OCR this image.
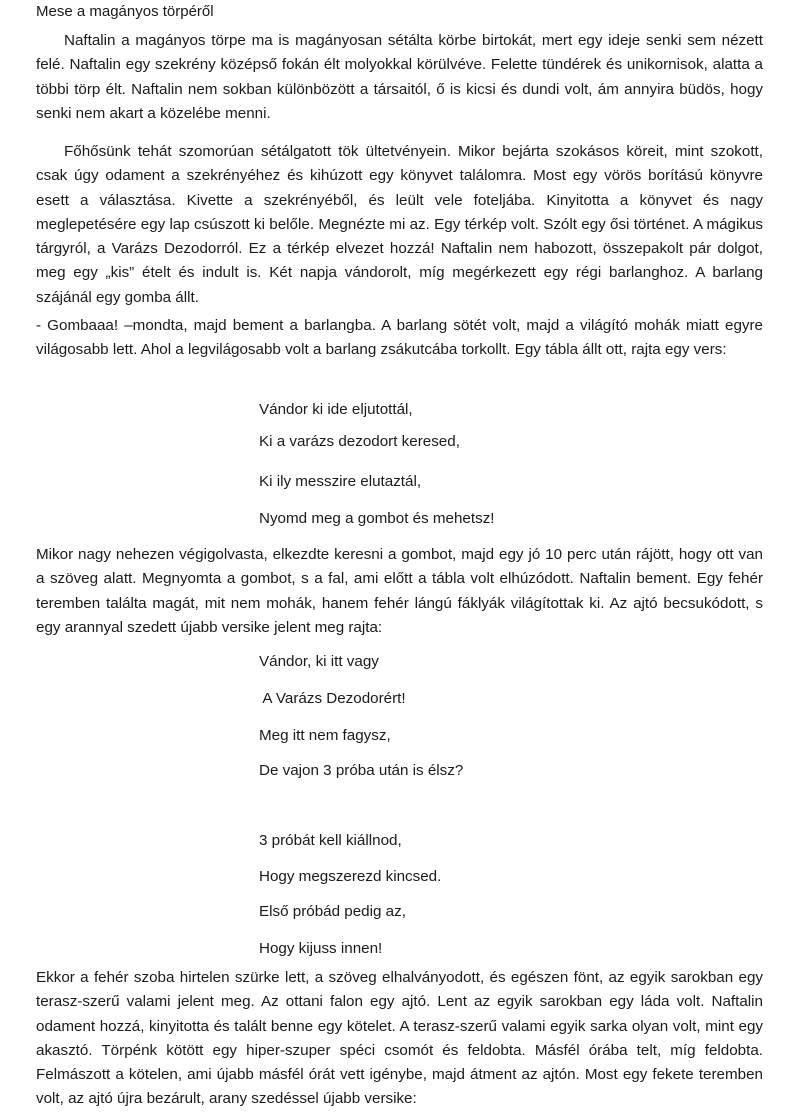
Mese a magányos törpéről

Naftalin a magányos törpe ma is magányosan sétálta körbe birtokát, mert egy ideje senki sem nézett felé. Naftalin egy szekrény középső fokán élt molyokkal körülvéve. Felette tündérek és unikornisok, alatta a többi törp élt. Naftalin nem sokban különbözött a társaitól, ő is kicsi és dundi volt, ám annyira büdös, hogy senki nem akart a közelébe menni.

Főhősünk tehát szomorúan sétálgatott tök ültetvényein. Mikor bejárta szokásos köreit, mint szokott, csak úgy odament a szekrényéhez és kihúzott egy könyvet találomra. Most egy vörös borítású könyvre esett a választása. Kivette a szekrényéből, és leült vele foteljába. Kinyitotta a könyvet és nagy meglepetésére egy lap csúszott ki belőle. Megnézte mi az. Egy térkép volt. Szólt egy ősi történet. A mágikus tárgyról, a Varázs Dezodorról. Ez a térkép elvezet hozzá! Naftalin nem habozott, összepakolt pár dolgot, meg egy „kis” ételt és indult is. Két napja vándorolt, míg megérkezett egy régi barlanghoz. A barlang szájánál egy gomba állt.

- Gombaaa! –mondta, majd bement a barlangba. A barlang sötét volt, majd a világító mohák miatt egyre világosabb lett. Ahol a legvilágosabb volt a barlang zsákutcába torkollt. Egy tábla állt ott, rajta egy vers:

Vándor ki ide eljutottál,

Ki a varázs dezodort keresed,

Ki ily messzire elutaztál,

Nyomd meg a gombot és mehetsz!

Mikor nagy nehezen végigolvasta, elkezdte keresni a gombot, majd egy jó 10 perc után rájött, hogy ott van a szöveg alatt. Megnyomta a gombot, s a fal, ami előtt a tábla volt elhúzódott. Naftalin bement. Egy fehér teremben találta magát, mit nem mohák, hanem fehér lángú fáklyák világítottak ki. Az ajtó becsukódott, s egy arannyal szedett újabb versike jelent meg rajta:

Vándor, ki itt vagy

A Varázs Dezodorért!

Meg itt nem fagysz,

De vajon 3 próba után is élsz?

3 próbát kell kiállnod,

Hogy megszerezd kincsed.

Első próbád pedig az,

Hogy kijuss innen!

Ekkor a fehér szoba hirtelen szürke lett, a szöveg elhalványodott, és egészen fönt, az egyik sarokban egy terasz-szerű valami jelent meg. Az ottani falon egy ajtó. Lent az egyik sarokban egy láda volt. Naftalin odament hozzá, kinyitotta és talált benne egy kötelet. A terasz-szerű valami egyik sarka olyan volt, mint egy akasztó. Törpénk kötött egy hiper-szuper spéci csomót és feldobta. Másfél órába telt, míg feldobta. Felmászott a kötelen, ami újabb másfél órát vett igénybe, majd átment az ajtón. Most egy fekete teremben volt, az ajtó újra bezárult, arany szedéssel újabb versike:
